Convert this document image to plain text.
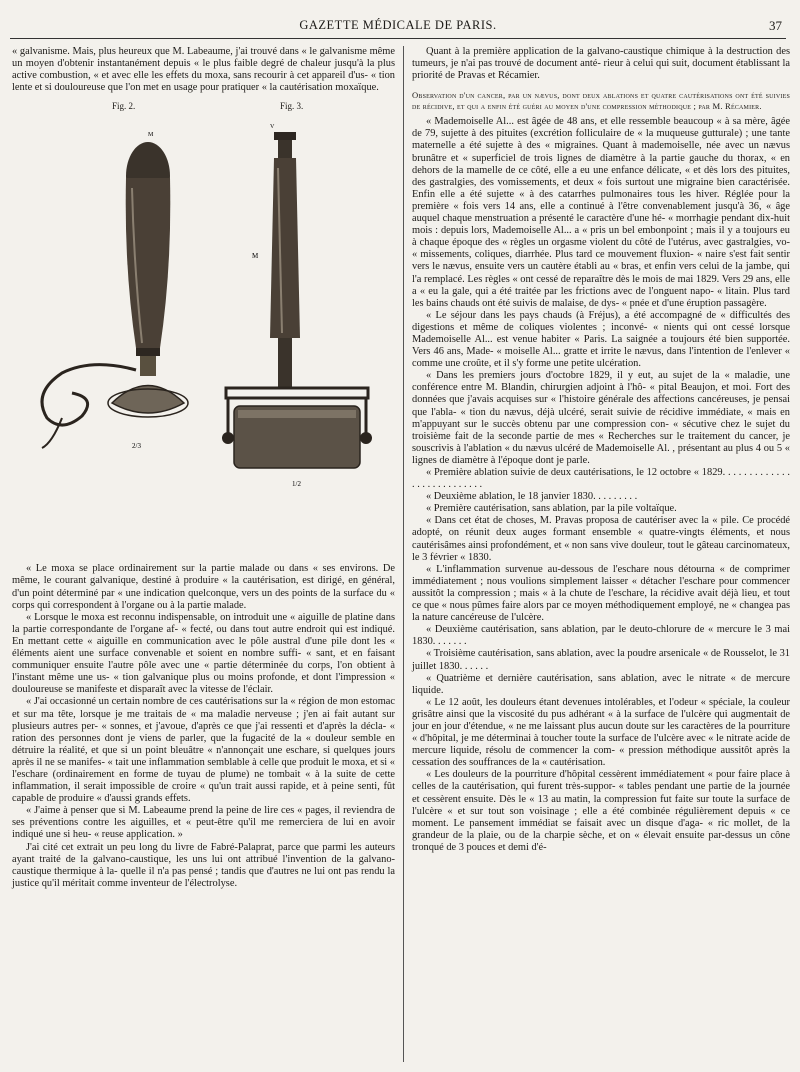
GAZETTE MÉDICALE DE PARIS.	37

« galvanisme. Mais, plus heureux que M. Labeaume, j'ai trouvé dans « le galvanisme même un moyen d'obtenir instantanément depuis « le plus faible degré de chaleur jusqu'à la plus active combustion, « et avec elle les effets du moxa, sans recourir à cet appareil d'us- « tion lente et si douloureuse que l'on met en usage pour pratiquer « la cautérisation moxaïque.

Fig. 2.	Fig. 3.
M
2/3
V
M
1/2

« Le moxa se place ordinairement sur la partie malade ou dans « ses environs. De même, le courant galvanique, destiné à produire « la cautérisation, est dirigé, en général, d'un point déterminé par « une indication quelconque, vers un des points de la surface du « corps qui correspondent à l'organe ou à la partie malade.

« Lorsque le moxa est reconnu indispensable, on introduit une « aiguille de platine dans la partie correspondante de l'organe af- « fecté, ou dans tout autre endroit qui est indiqué. En mettant cette « aiguille en communication avec le pôle austral d'une pile dont les « éléments aient une surface convenable et soient en nombre suffi- « sant, et en faisant communiquer ensuite l'autre pôle avec une « partie déterminée du corps, l'on obtient à l'instant même une us- « tion galvanique plus ou moins profonde, et dont l'impression « douloureuse se manifeste et disparaît avec la vitesse de l'éclair.

« J'ai occasionné un certain nombre de ces cautérisations sur la « région de mon estomac et sur ma tête, lorsque je me traitais de « ma maladie nerveuse ; j'en ai fait autant sur plusieurs autres per- « sonnes, et j'avoue, d'après ce que j'ai ressenti et d'après la décla- « ration des personnes dont je viens de parler, que la fugacité de la « douleur semble en détruire la réalité, et que si un point bleuâtre « n'annonçait une eschare, si quelques jours après il ne se manifes- « tait une inflammation semblable à celle que produit le moxa, et si « l'eschare (ordinairement en forme de tuyau de plume) ne tombait « à la suite de cette inflammation, il serait impossible de croire « qu'un trait aussi rapide, et à peine senti, fût capable de produire « d'aussi grands effets.

« J'aime à penser que si M. Labeaume prend la peine de lire ces « pages, il reviendra de ses préventions contre les aiguilles, et « peut-être qu'il me remerciera de lui en avoir indiqué une si heu- « reuse application. »

J'ai cité cet extrait un peu long du livre de Fabré-Palaprat, parce que parmi les auteurs ayant traité de la galvano-caustique, les uns lui ont attribué l'invention de la galvano-caustique thermique à la- quelle il n'a pas pensé ; tandis que d'autres ne lui ont pas rendu la justice qu'il méritait comme inventeur de l'électrolyse.

Quant à la première application de la galvano-caustique chimique à la destruction des tumeurs, je n'ai pas trouvé de document anté- rieur à celui qui suit, document établissant la priorité de Pravas et Récamier.

Observation d'un cancer, par un nævus, dont deux ablations et quatre cautérisations ont été suivies de récidive, et qui a enfin été guéri au moyen d'une compression méthodique ; par M. Récamier.

« Mademoiselle Al... est âgée de 48 ans, et elle ressemble beaucoup « à sa mère, âgée de 79, sujette à des pituites (excrétion folliculaire de « la muqueuse gutturale) ; une tante maternelle a été sujette à des « migraines. Quant à mademoiselle, née avec un nævus brunâtre et « superficiel de trois lignes de diamètre à la partie gauche du thorax, « en dehors de la mamelle de ce côté, elle a eu une enfance délicate, « et dès lors des pituites, des gastralgies, des vomissements, et deux « fois surtout une migraine bien caractérisée. Enfin elle a été sujette « à des catarrhes pulmonaires tous les hiver. Réglée pour la première « fois vers 14 ans, elle a continué à l'être convenablement jusqu'à 36, « âge auquel chaque menstruation a présenté le caractère d'une hé- « morrhagie pendant dix-huit mois : depuis lors, Mademoiselle Al... a « pris un bel embonpoint ; mais il y a toujours eu à chaque époque des « règles un orgasme violent du côté de l'utérus, avec gastralgies, vo- « missements, coliques, diarrhée. Plus tard ce mouvement fluxion- « naire s'est fait sentir vers le nævus, ensuite vers un cautère établi au « bras, et enfin vers celui de la jambe, qui l'a remplacé. Les règles « ont cessé de reparaître dès le mois de mai 1829. Vers 29 ans, elle a « eu la gale, qui a été traitée par les frictions avec de l'onguent napo- « litain. Plus tard les bains chauds ont été suivis de malaise, de dys- « pnée et d'une éruption passagère.

« Le séjour dans les pays chauds (à Fréjus), a été accompagné de « difficultés des digestions et même de coliques violentes ; inconvé- « nients qui ont cessé lorsque Mademoiselle Al... est venue habiter « Paris. La saignée a toujours été bien supportée. Vers 46 ans, Made- « moiselle Al... gratte et irrite le nævus, dans l'intention de l'enlever « comme une croûte, et il s'y forme une petite ulcération.

« Dans les premiers jours d'octobre 1829, il y eut, au sujet de la « maladie, une conférence entre M. Blandin, chirurgien adjoint à l'hô- « pital Beaujon, et moi. Fort des données que j'avais acquises sur « l'histoire générale des affections cancéreuses, je pensai que l'abla- « tion du nævus, déjà ulcéré, serait suivie de récidive immédiate, « mais en m'appuyant sur le succès obtenu par une compression con- « sécutive chez le sujet du troisième fait de la seconde partie de mes « Recherches sur le traitement du cancer, je souscrivis à l'ablation « du nævus ulcéré de Mademoiselle Al. , présentant au plus 4 ou 5 « lignes de diamètre à l'époque dont je parle.

« Première ablation suivie de deux cautérisations, le 12 octobre « 1829. . . . . . . . . . . . . . . . . . . . . . . . . . .

« Deuxième ablation, le 18 janvier 1830. . . . . . . . .

« Première cautérisation, sans ablation, par la pile voltaïque.

« Dans cet état de choses, M. Pravas proposa de cautériser avec la « pile. Ce procédé adopté, on réunit deux auges formant ensemble « quatre-vingts éléments, et nous cautérisâmes ainsi profondément, et « non sans vive douleur, tout le gâteau carcinomateux, le 3 février « 1830.

« L'inflammation survenue au-dessous de l'eschare nous détourna « de comprimer immédiatement ; nous voulions simplement laisser « détacher l'eschare pour commencer aussitôt la compression ; mais « à la chute de l'eschare, la récidive avait déjà lieu, et tout ce que « nous pûmes faire alors par ce moyen méthodiquement employé, ne « changea pas la nature cancéreuse de l'ulcère.

« Deuxième cautérisation, sans ablation, par le deuto-chlorure de « mercure le 3 mai 1830. . . . . . .

« Troisième cautérisation, sans ablation, avec la poudre arsenicale « de Rousselot, le 31 juillet 1830. . . . . .

« Quatrième et dernière cautérisation, sans ablation, avec le nitrate « de mercure liquide.

« Le 12 août, les douleurs étant devenues intolérables, et l'odeur « spéciale, la couleur grisâtre ainsi que la viscosité du pus adhérant « à la surface de l'ulcère qui augmentait de jour en jour d'étendue, « ne me laissant plus aucun doute sur les caractères de la pourriture « d'hôpital, je me déterminai à toucher toute la surface de l'ulcère avec « le nitrate acide de mercure liquide, résolu de commencer la com- « pression méthodique aussitôt après la cessation des souffrances de la « cautérisation.

« Les douleurs de la pourriture d'hôpital cessèrent immédiatement « pour faire place à celles de la cautérisation, qui furent très-suppor- « tables pendant une partie de la journée et cessèrent ensuite. Dès le « 13 au matin, la compression fut faite sur toute la surface de l'ulcère « et sur tout son voisinage ; elle a été combinée régulièrement depuis « ce moment. Le pansement immédiat se faisait avec un disque d'aga- « ric mollet, de la grandeur de la plaie, ou de la charpie sèche, et on « élevait ensuite par-dessus un cône tronqué de 3 pouces et demi d'é-
